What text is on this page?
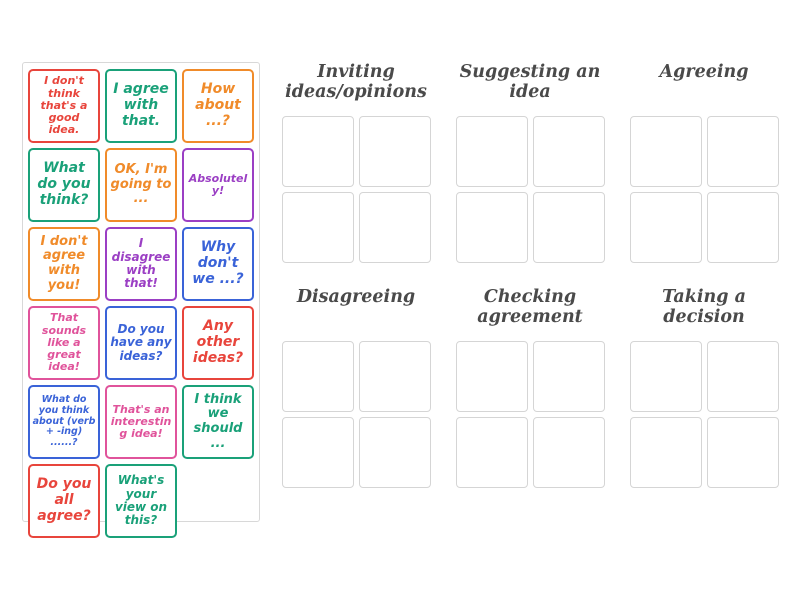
I don't think that's a good idea.
I agree with that.
How about ...?
What do you think?
OK, I'm going to ...
Absolutely!
I don't agree with you!
I disagree with that!
Why don't we ...?
That sounds like a great idea!
Do you have any ideas?
Any other ideas?
What do you think about (verb + -ing) ......?
That's an interesting idea!
I think we should ...
Do you all agree?
What's your view on this?
Inviting ideas/opinions
Suggesting an idea
Agreeing
Disagreeing	Checking agreement
Taking a decision
